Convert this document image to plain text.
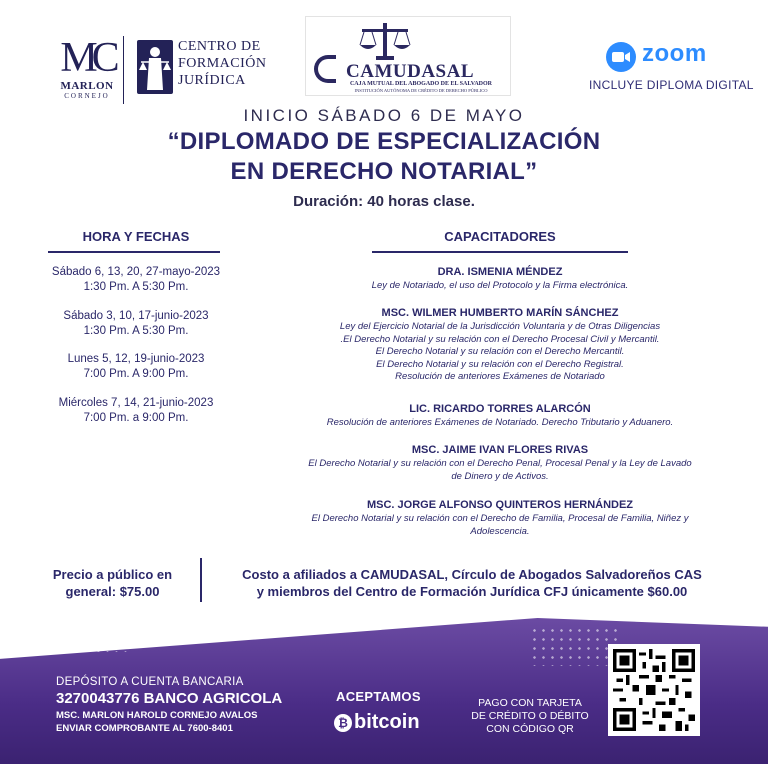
MC
MARLON
CORNEJO
CENTRO DE
FORMACIÓN
JURÍDICA	CAMUDASAL
CAJA MUTUAL DEL ABOGADO DE EL SALVADOR
INSTITUCIÓN AUTÓNOMA DE CRÉDITO DE DERECHO PÚBLICO
zoom
INCLUYE DIPLOMA DIGITAL
INICIO SÁBADO 6 DE MAYO
“DIPLOMADO DE ESPECIALIZACIÓN
EN DERECHO NOTARIAL”
Duración: 40 horas clase.
HORA Y FECHAS
Sábado 6, 13, 20, 27-mayo-2023
1:30 Pm. A 5:30 Pm.
Sábado 3, 10, 17-junio-2023
1:30 Pm. A 5:30 Pm.
Lunes 5, 12, 19-junio-2023
7:00 Pm. A 9:00 Pm.
Miércoles 7, 14, 21-junio-2023
7:00 Pm. a 9:00 Pm.
CAPACITADORES
DRA. ISMENIA MÉNDEZ
Ley de Notariado, el uso del Protocolo y la Firma electrónica.
MSC. WILMER HUMBERTO MARÍN SÁNCHEZ
Ley del Ejercicio Notarial de la Jurisdicción Voluntaria y de Otras Diligencias
.El Derecho Notarial y su relación con el Derecho Procesal Civil y Mercantil.
El Derecho Notarial y su relación con el Derecho Mercantil.
El Derecho Notarial y su relación con el Derecho Registral.
Resolución de anteriores Exámenes de Notariado
LIC. RICARDO TORRES ALARCÓN
Resolución de anteriores Exámenes de Notariado. Derecho Tributario y Aduanero.
MSC. JAIME IVAN FLORES RIVAS
El Derecho Notarial y su relación con el Derecho Penal, Procesal Penal y la Ley de Lavado
de Dinero y de Activos.
MSC. JORGE ALFONSO QUINTEROS HERNÁNDEZ
El Derecho Notarial y su relación con el Derecho de Familia, Procesal de Familia, Niñez y
Adolescencia.
Precio a público en
general: $75.00
Costo a afiliados a CAMUDASAL, Círculo de Abogados Salvadoreños CAS
y miembros del Centro de Formación Jurídica CFJ únicamente $60.00
DEPÓSITO A CUENTA BANCARIA
3270043776 BANCO AGRICOLA
MSC. MARLON HAROLD CORNEJO AVALOS
ENVIAR COMPROBANTE AL 7600-8401
ACEPTAMOS
₿ bitcoin
PAGO CON TARJETA
DE CRÉDITO O DÉBITO
CON CÓDIGO QR
